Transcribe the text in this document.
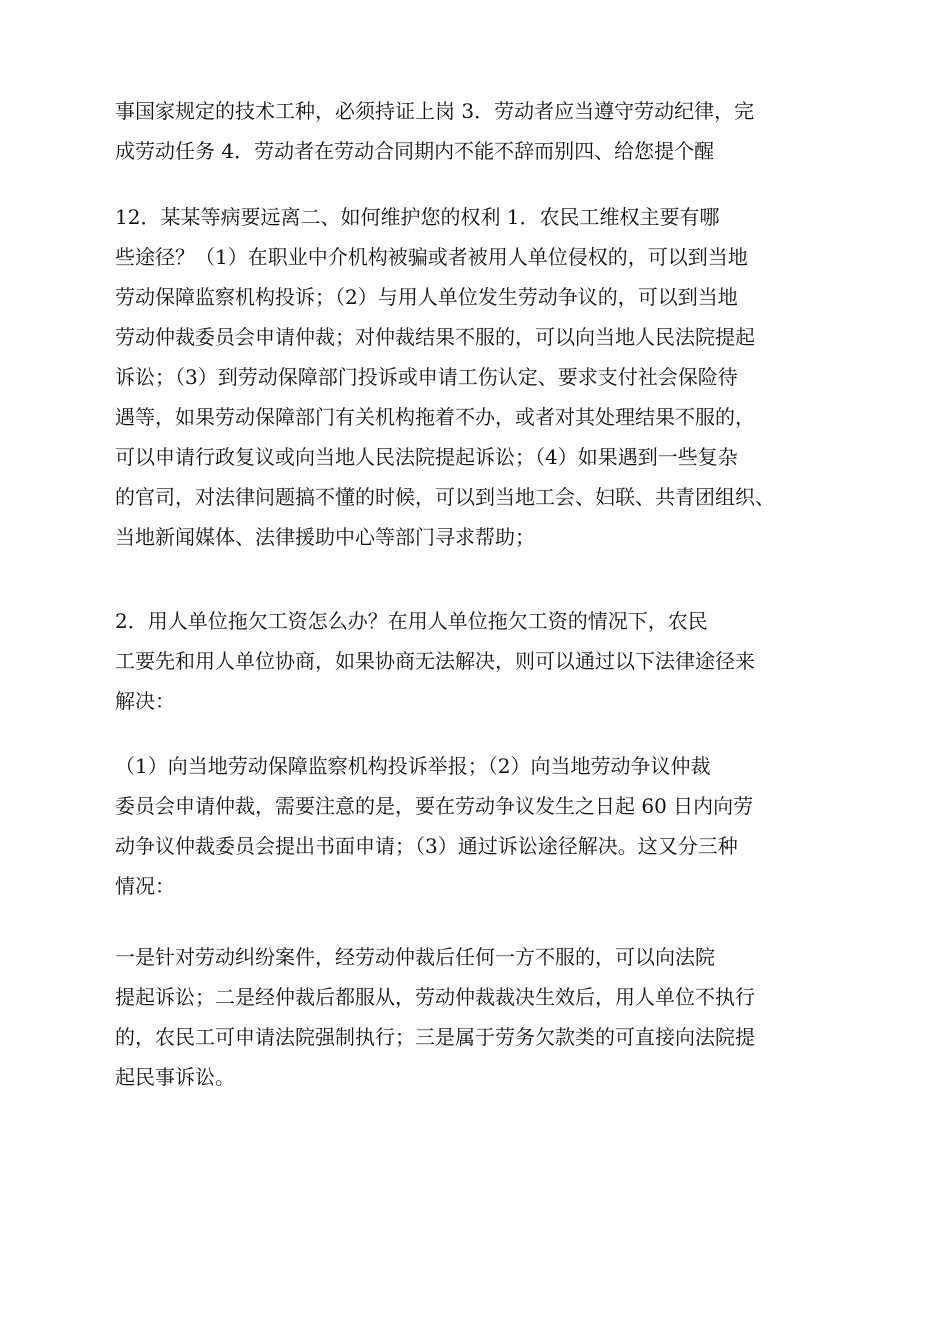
事国家规定的技术工种，必须持证上岗 3．劳动者应当遵守劳动纪律，完
成劳动任务 4．劳动者在劳动合同期内不能不辞而别四、给您提个醒
12．某某等病要远离二、如何维护您的权利 1．农民工维权主要有哪
些途径？（1）在职业中介机构被骗或者被用人单位侵权的，可以到当地
劳动保障监察机构投诉；（2）与用人单位发生劳动争议的，可以到当地
劳动仲裁委员会申请仲裁；对仲裁结果不服的，可以向当地人民法院提起
诉讼；（3）到劳动保障部门投诉或申请工伤认定、要求支付社会保险待
遇等，如果劳动保障部门有关机构拖着不办，或者对其处理结果不服的，
可以申请行政复议或向当地人民法院提起诉讼；（4）如果遇到一些复杂
的官司，对法律问题搞不懂的时候，可以到当地工会、妇联、共青团组织、
当地新闻媒体、法律援助中心等部门寻求帮助；
2．用人单位拖欠工资怎么办？在用人单位拖欠工资的情况下，农民
工要先和用人单位协商，如果协商无法解决，则可以通过以下法律途径来
解决：
（1）向当地劳动保障监察机构投诉举报；（2）向当地劳动争议仲裁
委员会申请仲裁，需要注意的是，要在劳动争议发生之日起 60 日内向劳
动争议仲裁委员会提出书面申请；（3）通过诉讼途径解决。这又分三种
情况：
一是针对劳动纠纷案件，经劳动仲裁后任何一方不服的，可以向法院
提起诉讼；二是经仲裁后都服从，劳动仲裁裁决生效后，用人单位不执行
的，农民工可申请法院强制执行；三是属于劳务欠款类的可直接向法院提
起民事诉讼。
